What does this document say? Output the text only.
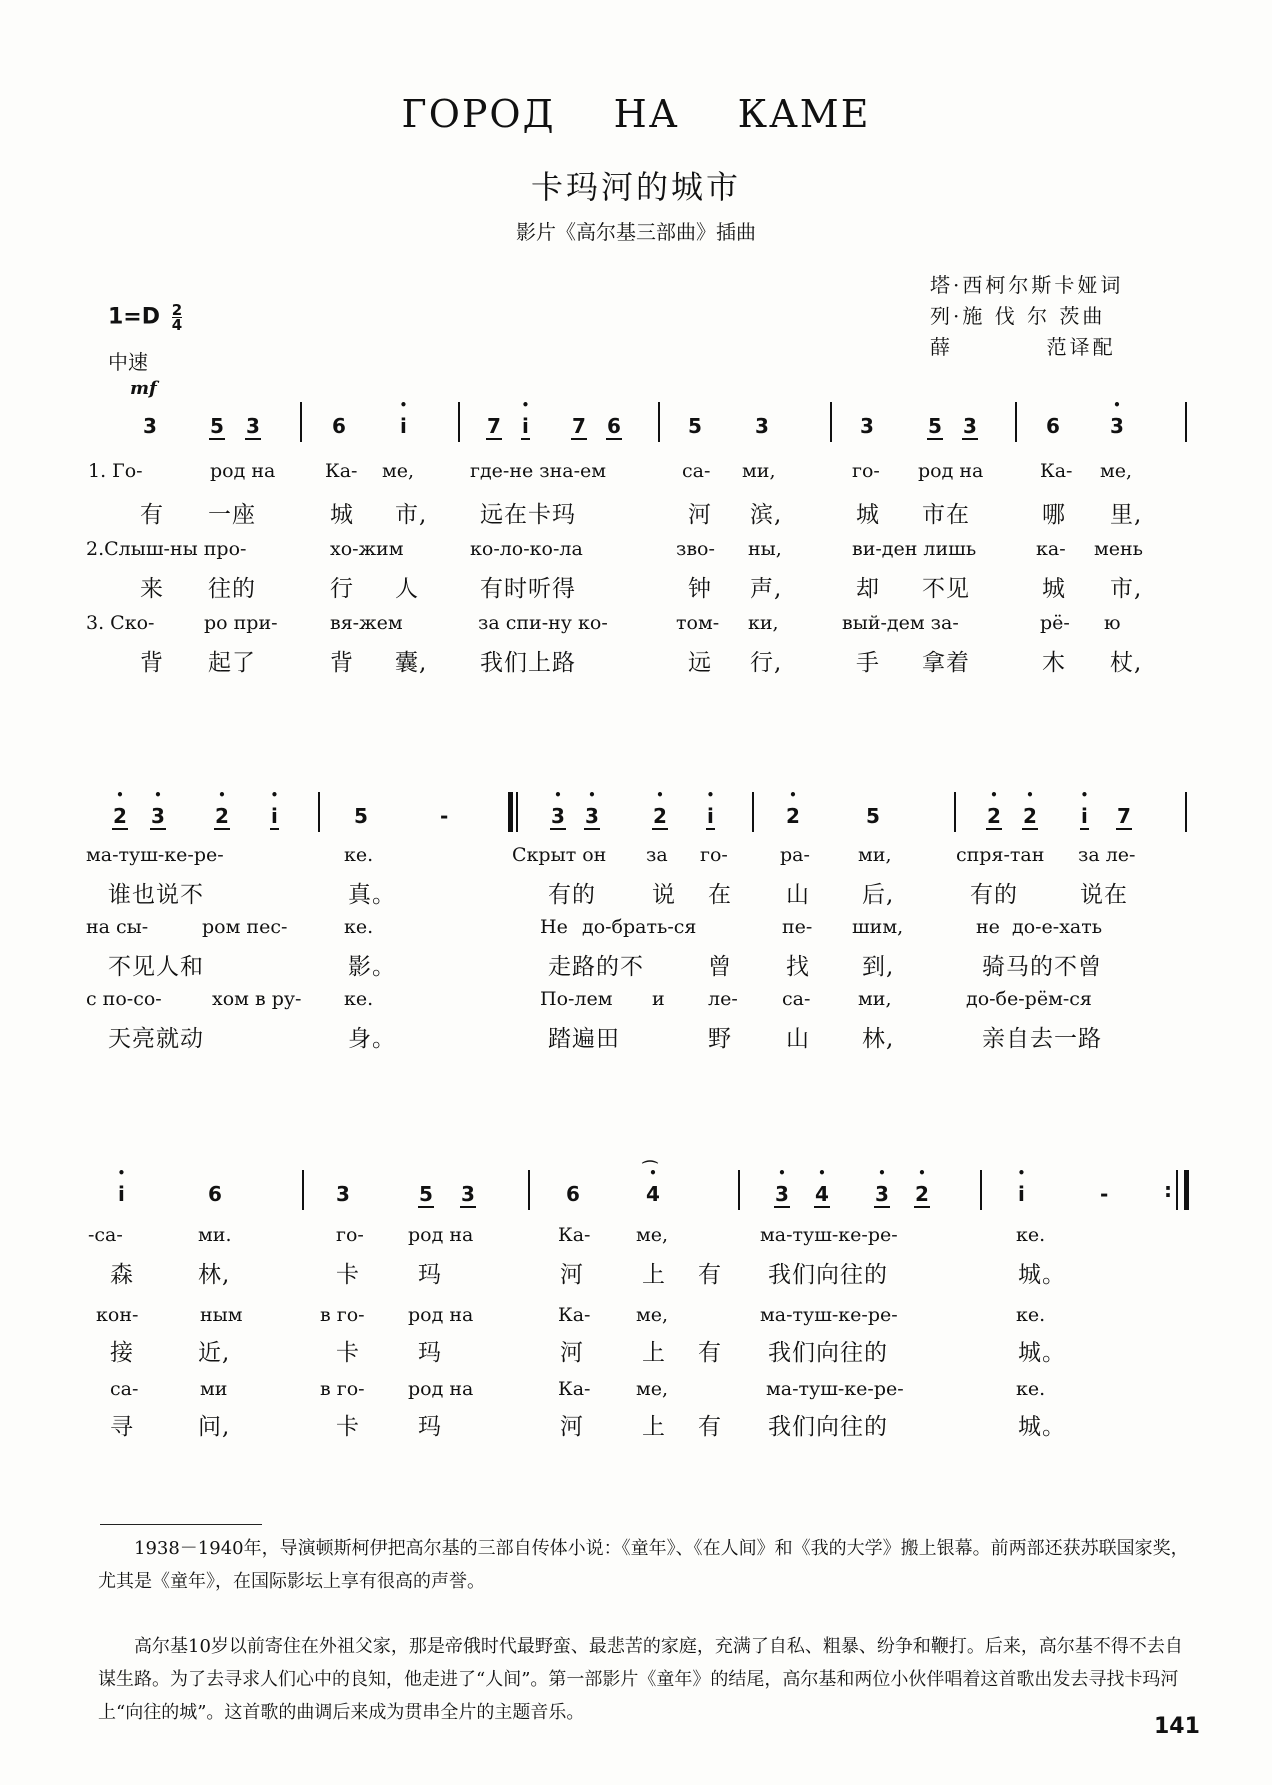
ГОРОД НА КАМЕ
卡玛河的城市
影片《高尔基三部曲》插曲
塔·西柯尔斯卡娅词
列·施 伐 尔 茨曲
薛          范译配
$1=D \frac{2}{4}$
中速
mf
3	5 3	6	• i	7 • i 7 6	5	3	3	5 3	6	• 3
1. Го-	род на	Ка- ме,	где-не зна-ем	са- ми,	го- род на	Ка- ме,
有 一座	城 市, 远在卡玛	河 滨,	城 市在	哪 里,
2.Слыш-ны про-	хо-жим	ко-ло-ко-ла	зво- ны,	ви-ден лишь	ка- мень
来 往的	行 人	有时听得	钟 声,	却 不见	城 市,
3. Ско-	ро при-	вя-жем	за спи-ну ко-	том- ки,	вый-дем за-	рё- ю
背 起了	背 囊, 我们上路	远 行,	手 拿着	木 杖,
• 2 • 3	• 2 • i	5	-	• 3 • 3	• 2 • i	• 2	5	• 2 • 2 • i 7
ма-туш-ке-ре-	ке.	Скрыт он за го-	ра-	ми,	спря-тан за ле-
谁也说不	真。	有的 说 在 山 后,	有的	说在
на сы-	ром пес-	ке.	Не до-брать-ся	пе- шим,	не до-е-хать
不见人和	影。	走路的不	曾 找 到,	骑马的不曾
с по-со-	хом в ру- ке.	По-лем и ле- са-	ми,	до-бе-рём-ся
天亮就动	身。	踏遍田	野 山 林,	亲自去一路
• i	6	3	5 3	6	• 4
⌒
• 3 • 4 • 3 • 2	• i	-	:
-са-	ми.	го- род на	Ка- ме,	ма-туш-ке-ре-	ке.
森	林,	卡	玛	河	上 有 我们向往的	城。
кон-	ным	в го- род на	Ка- ме,	ма-туш-ке-ре-	ке.
接	近,	卡	玛	河	上 有 我们向往的	城。
са-	ми	в го- род на	Ка- ме,	ма-туш-ке-ре-	ке.
寻	问,	卡	玛	河	上 有 我们向往的	城。
1938－1940年，导演顿斯柯伊把高尔基的三部自传体小说：《童年》、《在人间》和《我的大学》搬上银幕。前两部还获苏联国家奖，尤其是《童年》，在国际影坛上享有很高的声誉。
高尔基10岁以前寄住在外祖父家，那是帝俄时代最野蛮、最悲苦的家庭，充满了自私、粗暴、纷争和鞭打。后来，高尔基不得不去自谋生路。为了去寻求人们心中的良知，他走进了“人间”。第一部影片《童年》的结尾，高尔基和两位小伙伴唱着这首歌出发去寻找卡玛河上“向往的城”。这首歌的曲调后来成为贯串全片的主题音乐。
141
